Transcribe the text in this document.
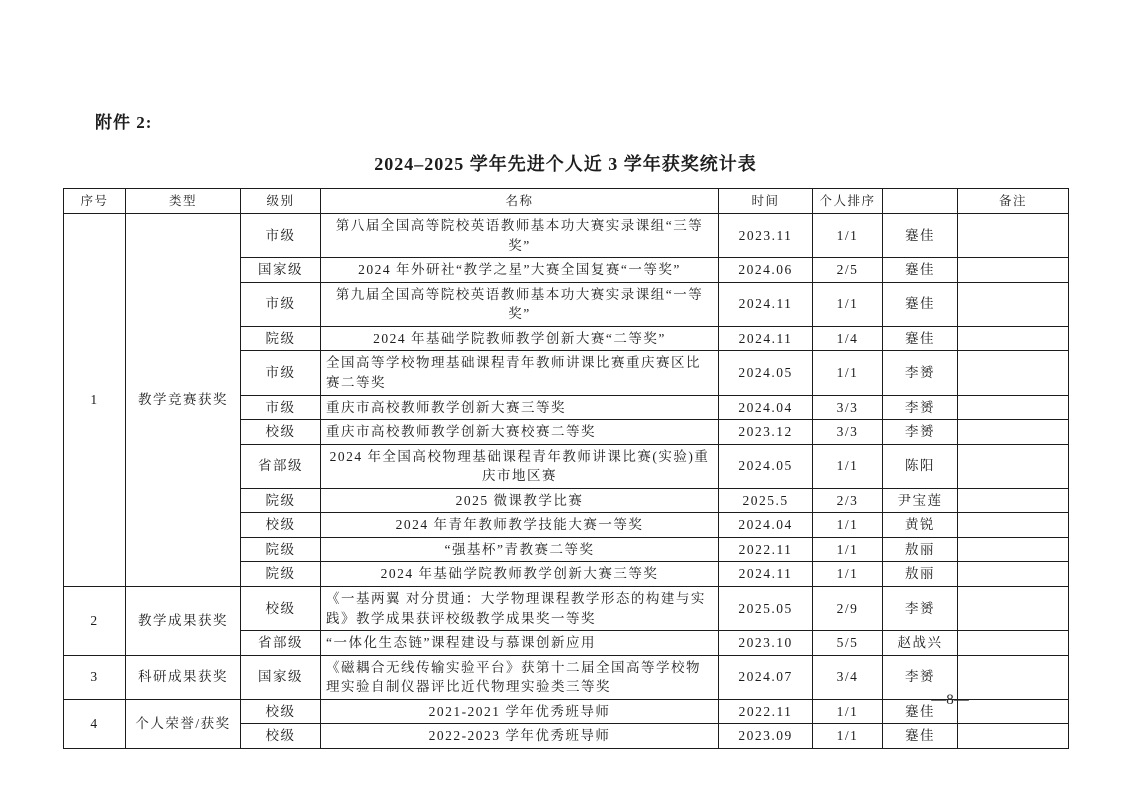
附件 2:
2024–2025 学年先进个人近 3 学年获奖统计表
序号	类型	级别	名称	时间	个人排序		备注
1	教学竞赛获奖	市级	第八届全国高等院校英语教师基本功大赛实录课组“三等奖”	2023.11	1/1	蹇佳	
		国家级	2024 年外研社“教学之星”大赛全国复赛“一等奖”	2024.06	2/5	蹇佳	
		市级	第九届全国高等院校英语教师基本功大赛实录课组“一等奖”	2024.11	1/1	蹇佳	
		院级	2024 年基础学院教师教学创新大赛“二等奖”	2024.11	1/4	蹇佳	
		市级	全国高等学校物理基础课程青年教师讲课比赛重庆赛区比赛二等奖	2024.05	1/1	李赟	
		市级	重庆市高校教师教学创新大赛三等奖	2024.04	3/3	李赟	
		校级	重庆市高校教师教学创新大赛校赛二等奖	2023.12	3/3	李赟	
		省部级	2024 年全国高校物理基础课程青年教师讲课比赛(实验)重庆市地区赛	2024.05	1/1	陈阳	
		院级	2025 微课教学比赛	2025.5	2/3	尹宝莲	
		校级	2024 年青年教师教学技能大赛一等奖	2024.04	1/1	黄锐	
		院级	“强基杯”青教赛二等奖	2022.11	1/1	敖丽	
		院级	2024 年基础学院教师教学创新大赛三等奖	2024.11	1/1	敖丽	
2	教学成果获奖	校级	《一基两翼 对分贯通：大学物理课程教学形态的构建与实践》教学成果获评校级教学成果奖一等奖	2025.05	2/9	李赟	
		省部级	“一体化生态链”课程建设与慕课创新应用	2023.10	5/5	赵战兴	
3	科研成果获奖	国家级	《磁耦合无线传输实验平台》获第十二届全国高等学校物理实验自制仪器评比近代物理实验类三等奖	2024.07	3/4	李赟	
4	个人荣誉/获奖	校级	2021-2021 学年优秀班导师	2022.11	1/1	蹇佳	
		校级	2022-2023 学年优秀班导师	2023.09	1/1	蹇佳	
—8—
